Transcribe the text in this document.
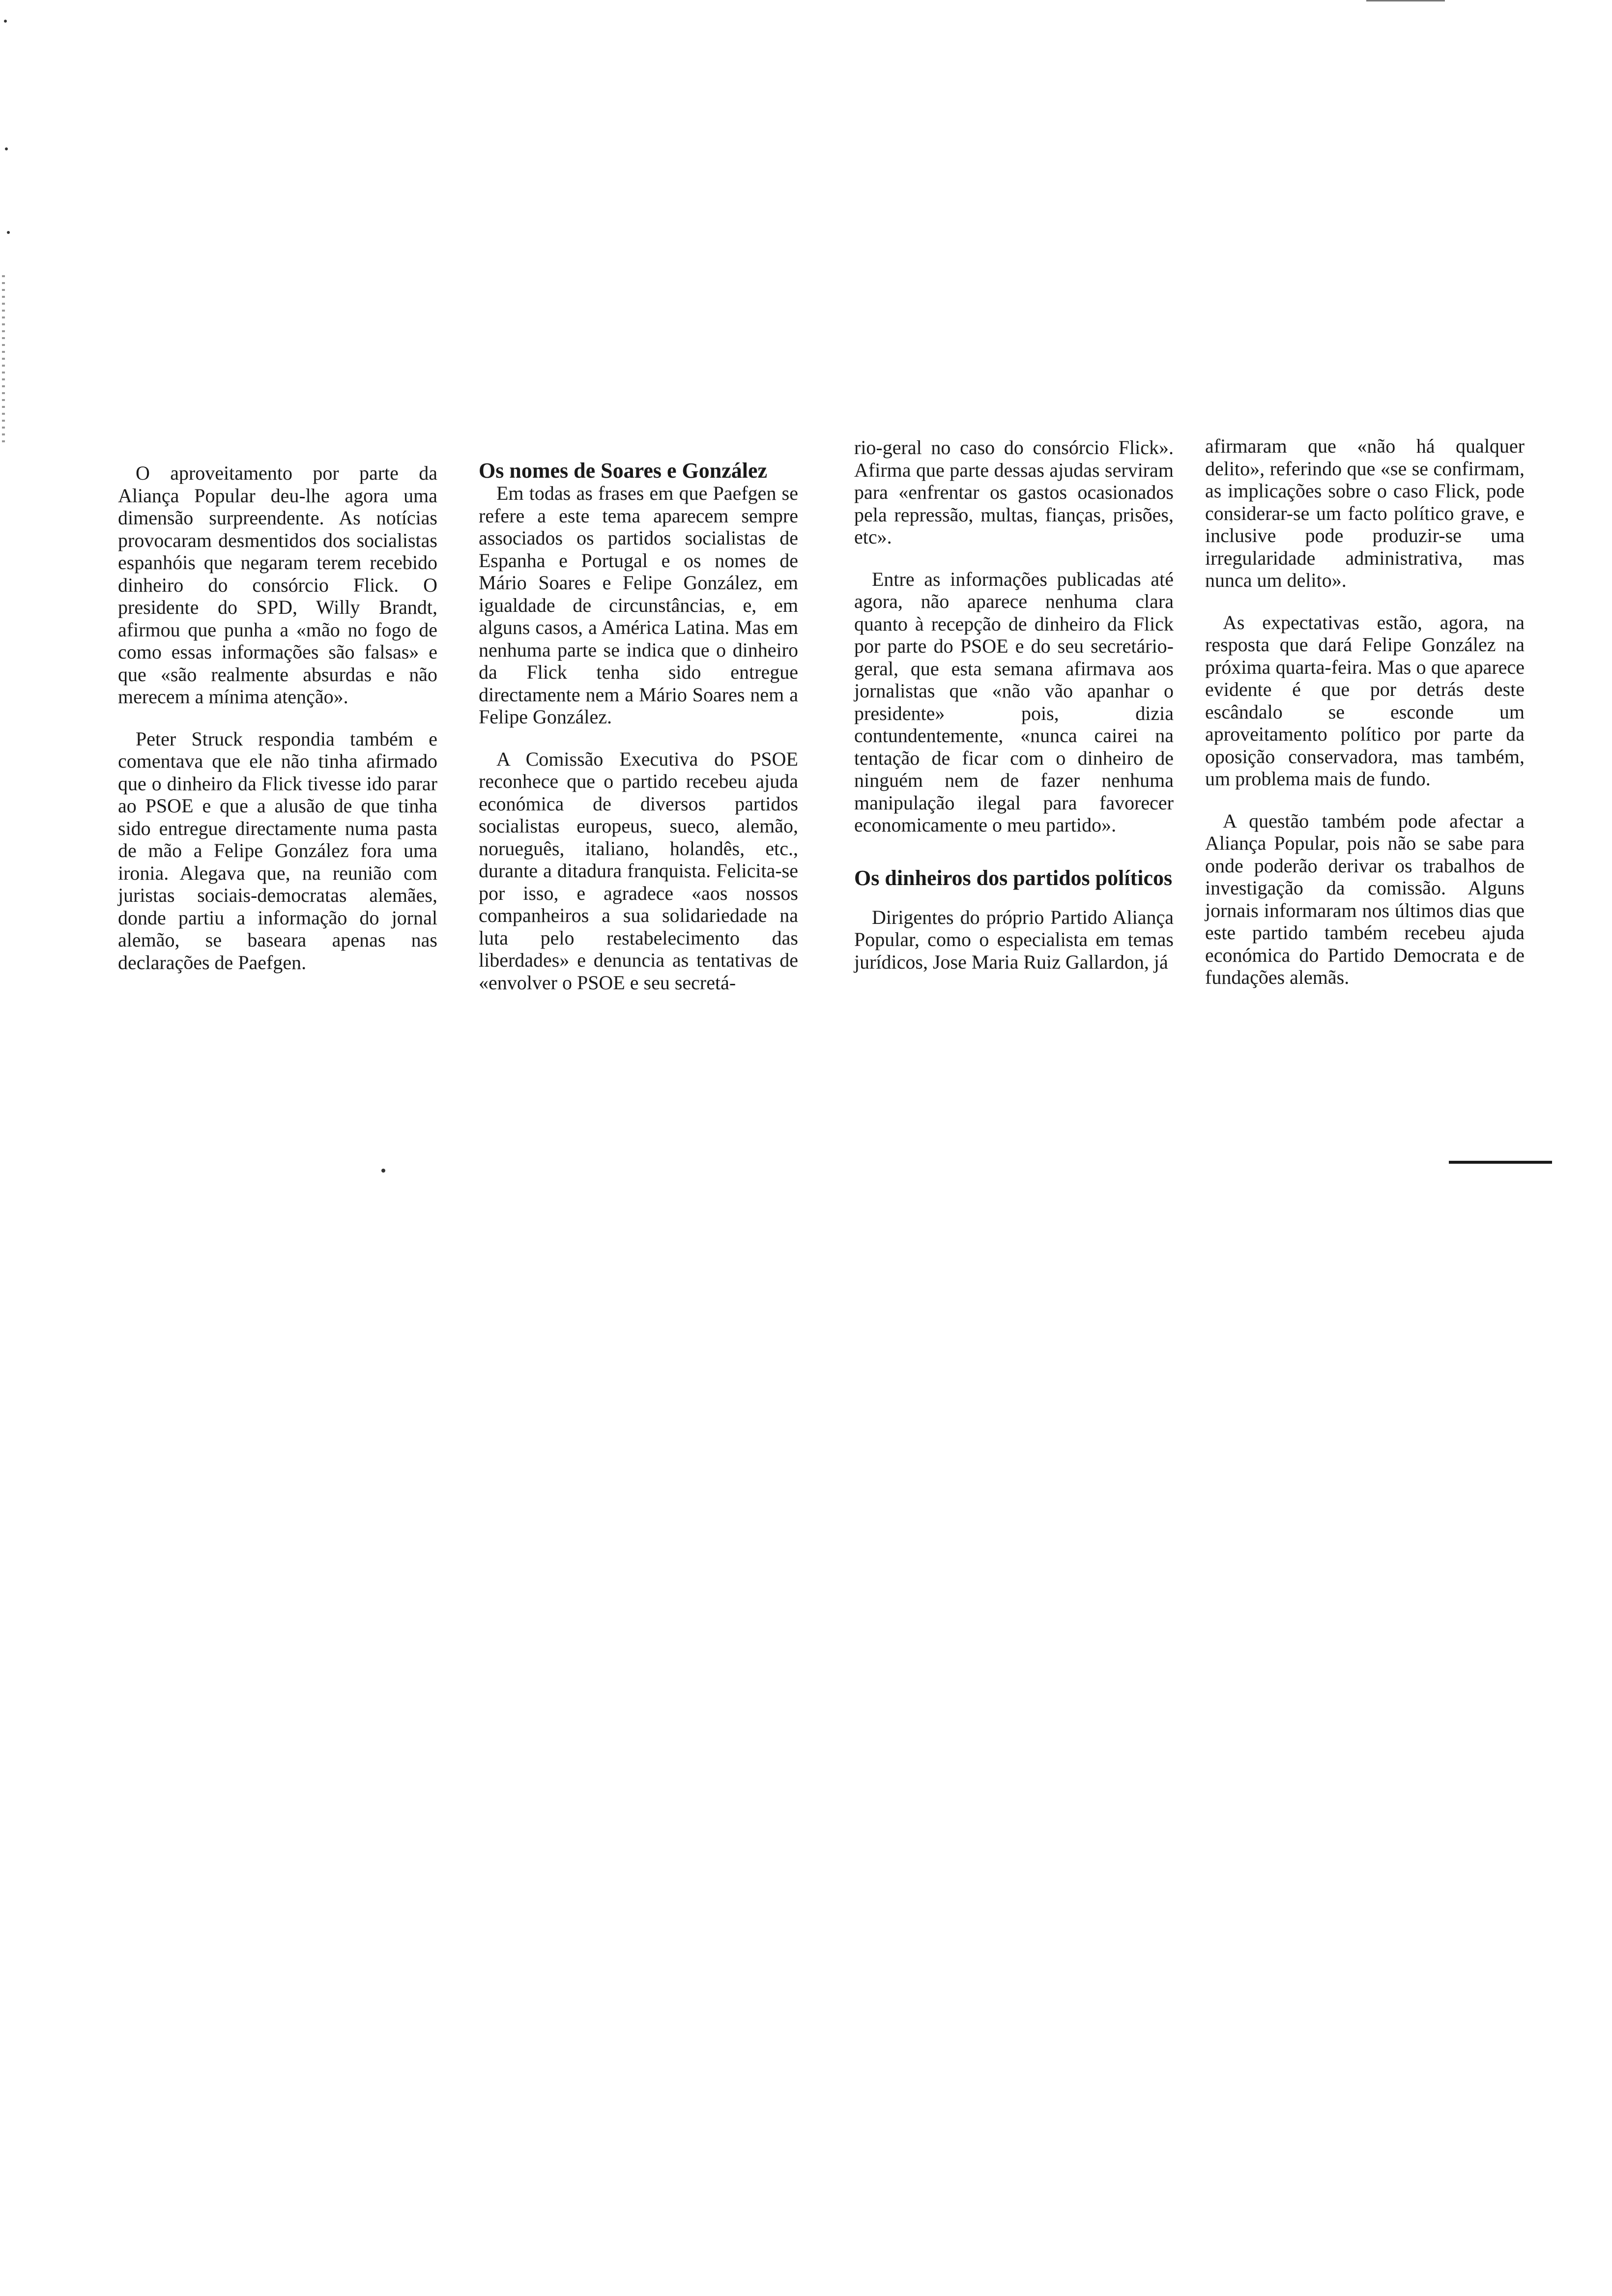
O aproveitamento por parte da Aliança Popular deu-lhe agora uma dimensão surpreendente. As notícias provocaram desmentidos dos socialistas espanhóis que negaram terem recebido dinheiro do consórcio Flick. O presidente do SPD, Willy Brandt, afirmou que punha a «mão no fogo de como essas informações são falsas» e que «são realmente absurdas e não merecem a mínima atenção».

Peter Struck respondia também e comentava que ele não tinha afirmado que o dinheiro da Flick tivesse ido parar ao PSOE e que a alusão de que tinha sido entregue directamente numa pasta de mão a Felipe González fora uma ironia. Alegava que, na reunião com juristas sociais-democratas alemães, donde partiu a informação do jornal alemão, se baseara apenas nas declarações de Paefgen.

Os nomes de Soares e González

Em todas as frases em que Paefgen se refere a este tema aparecem sempre associados os partidos socialistas de Espanha e Portugal e os nomes de Mário Soares e Felipe González, em igualdade de circunstâncias, e, em alguns casos, a América Latina. Mas em nenhuma parte se indica que o dinheiro da Flick tenha sido entregue directamente nem a Mário Soares nem a Felipe González.

A Comissão Executiva do PSOE reconhece que o partido recebeu ajuda económica de diversos partidos socialistas europeus, sueco, alemão, norueguês, italiano, holandês, etc., durante a ditadura franquista. Felicita-se por isso, e agradece «aos nossos companheiros a sua solidariedade na luta pelo restabelecimento das liberdades» e denuncia as tentativas de «envolver o PSOE e seu secretá-

rio-geral no caso do consórcio Flick». Afirma que parte dessas ajudas serviram para «enfrentar os gastos ocasionados pela repressão, multas, fianças, prisões, etc».

Entre as informações publicadas até agora, não aparece nenhuma clara quanto à recepção de dinheiro da Flick por parte do PSOE e do seu secretário-geral, que esta semana afirmava aos jornalistas que «não vão apanhar o presidente» pois, dizia contundentemente, «nunca cairei na tentação de ficar com o dinheiro de ninguém nem de fazer nenhuma manipulação ilegal para favorecer economicamente o meu partido».

Os dinheiros dos partidos políticos

Dirigentes do próprio Partido Aliança Popular, como o especialista em temas jurídicos, Jose Maria Ruiz Gallardon, já

afirmaram que «não há qualquer delito», referindo que «se se confirmam, as implicações sobre o caso Flick, pode considerar-se um facto político grave, e inclusive pode produzir-se uma irregularidade administrativa, mas nunca um delito».

As expectativas estão, agora, na resposta que dará Felipe González na próxima quarta-feira. Mas o que aparece evidente é que por detrás deste escândalo se esconde um aproveitamento político por parte da oposição conservadora, mas também, um problema mais de fundo.

A questão também pode afectar a Aliança Popular, pois não se sabe para onde poderão derivar os trabalhos de investigação da comissão. Alguns jornais informaram nos últimos dias que este partido também recebeu ajuda económica do Partido Democrata e de fundações alemãs.
